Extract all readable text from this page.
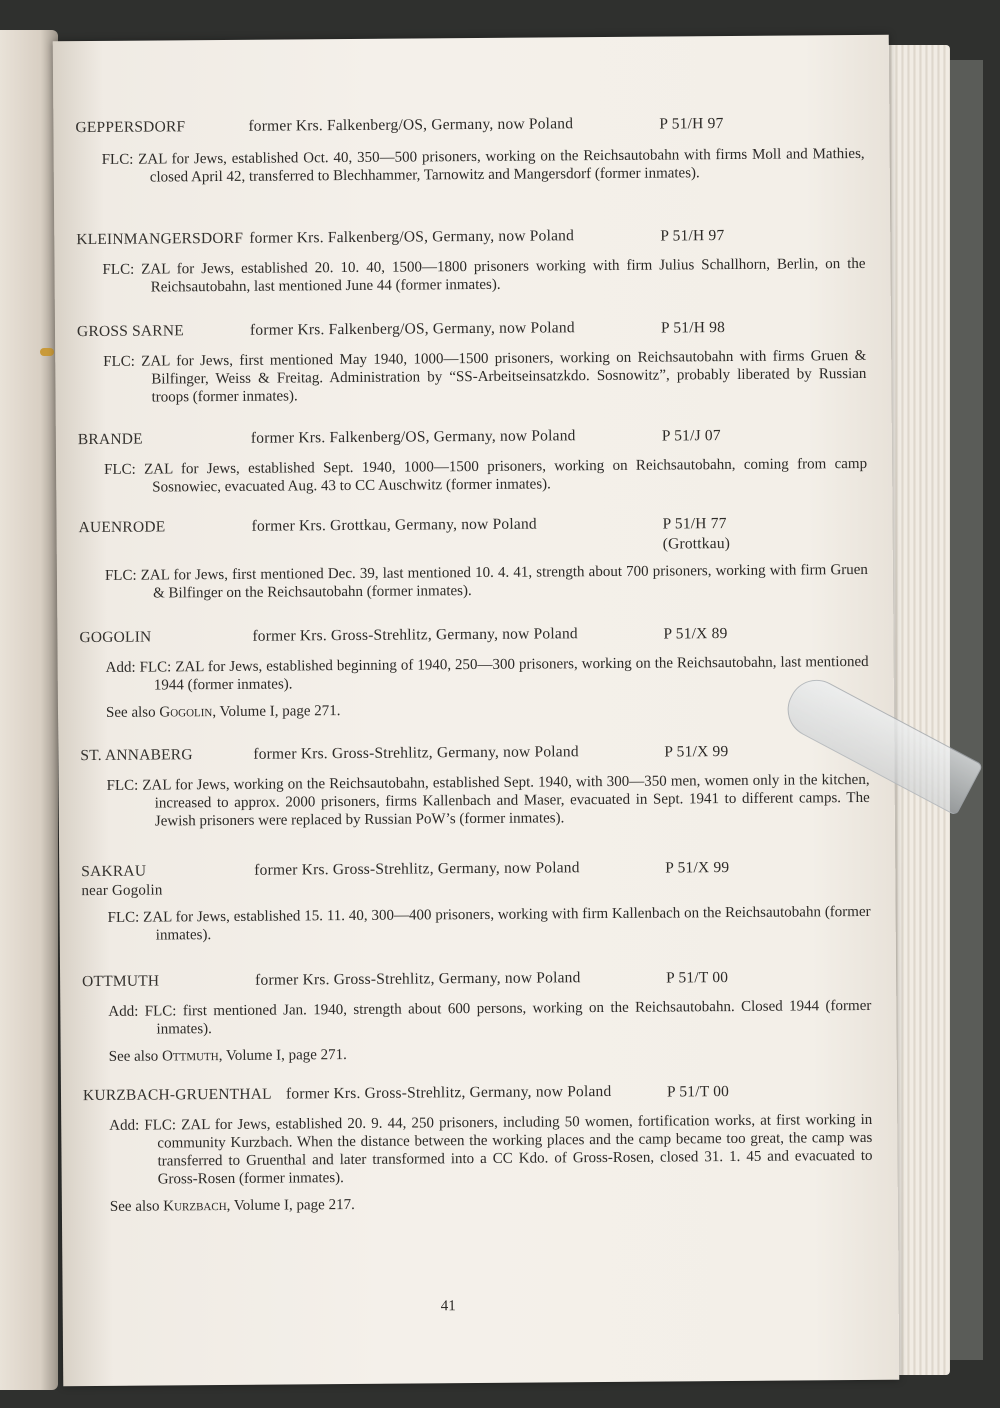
GEPPERSDORF	former Krs. Falkenberg/OS, Germany, now Poland	P 51/H 97
FLC: ZAL for Jews, established Oct. 40, 350—500 prisoners, working on the Reichsautobahn with firms Moll and Mathies, closed April 42, transferred to Blechhammer, Tarnowitz and Mangersdorf (former inmates).
KLEINMANGERSDORF former Krs. Falkenberg/OS, Germany, now Poland	P 51/H 97
FLC: ZAL for Jews, established 20. 10. 40, 1500—1800 prisoners working with firm Julius Schallhorn, Berlin, on the Reichsautobahn, last mentioned June 44 (former inmates).
GROSS SARNE	former Krs. Falkenberg/OS, Germany, now Poland	P 51/H 98
FLC: ZAL for Jews, first mentioned May 1940, 1000—1500 prisoners, working on Reichsautobahn with firms Gruen & Bilfinger, Weiss & Freitag. Administration by “SS-Arbeitseinsatzkdo. Sosnowitz”, probably liberated by Russian troops (former inmates).
BRANDE	former Krs. Falkenberg/OS, Germany, now Poland	P 51/J 07
FLC: ZAL for Jews, established Sept. 1940, 1000—1500 prisoners, working on Reichsautobahn, coming from camp Sosnowiec, evacuated Aug. 43 to CC Auschwitz (former inmates).
AUENRODE	former Krs. Grottkau, Germany, now Poland	P 51/H 77
(Grottkau)
FLC: ZAL for Jews, first mentioned Dec. 39, last mentioned 10. 4. 41, strength about 700 prisoners, working with firm Gruen & Bilfinger on the Reichsautobahn (former inmates).
GOGOLIN	former Krs. Gross-Strehlitz, Germany, now Poland	P 51/X 89
Add: FLC: ZAL for Jews, established beginning of 1940, 250—300 prisoners, working on the Reichsautobahn, last mentioned 1944 (former inmates).
See also Gogolin, Volume I, page 271.
ST. ANNABERG	former Krs. Gross-Strehlitz, Germany, now Poland	P 51/X 99
FLC: ZAL for Jews, working on the Reichsautobahn, established Sept. 1940, with 300—350 men, women only in the kitchen, increased to approx. 2000 prisoners, firms Kallenbach and Maser, evacuated in Sept. 1941 to different camps. The Jewish prisoners were replaced by Russian PoW’s (former inmates).
SAKRAU
near Gogolin
former Krs. Gross-Strehlitz, Germany, now Poland	P 51/X 99
FLC: ZAL for Jews, established 15. 11. 40, 300—400 prisoners, working with firm Kallenbach on the Reichsautobahn (former inmates).
OTTMUTH	former Krs. Gross-Strehlitz, Germany, now Poland	P 51/T 00
Add: FLC: first mentioned Jan. 1940, strength about 600 persons, working on the Reichsautobahn. Closed 1944 (former inmates).
See also Ottmuth, Volume I, page 271.
KURZBACH-GRUENTHAL former Krs. Gross-Strehlitz, Germany, now Poland	P 51/T 00
Add: FLC: ZAL for Jews, established 20. 9. 44, 250 prisoners, including 50 women, fortification works, at first working in community Kurzbach. When the distance between the working places and the camp became too great, the camp was transferred to Gruenthal and later transformed into a CC Kdo. of Gross-Rosen, closed 31. 1. 45 and evacuated to Gross-Rosen (former inmates).
See also Kurzbach, Volume I, page 217.
41
